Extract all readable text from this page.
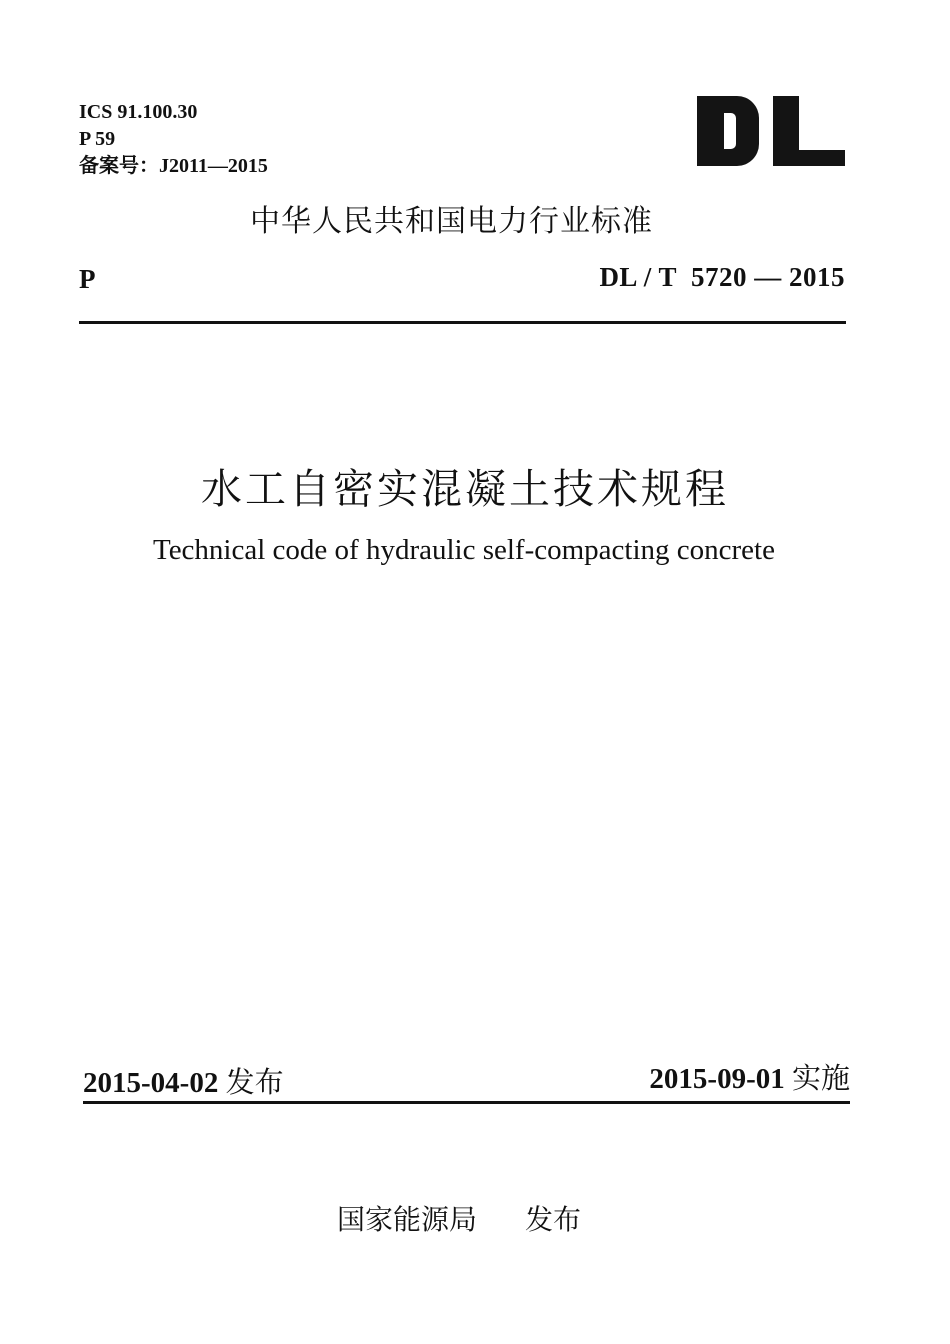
ICS 91.100.30
P 59
备案号：J2011—2015
中华人民共和国电力行业标准
P	DL / T  5720 — 2015
水工自密实混凝土技术规程
Technical code of hydraulic self-compacting concrete
2015-04-02 发布	2015-09-01 实施
国家能源局 发布
